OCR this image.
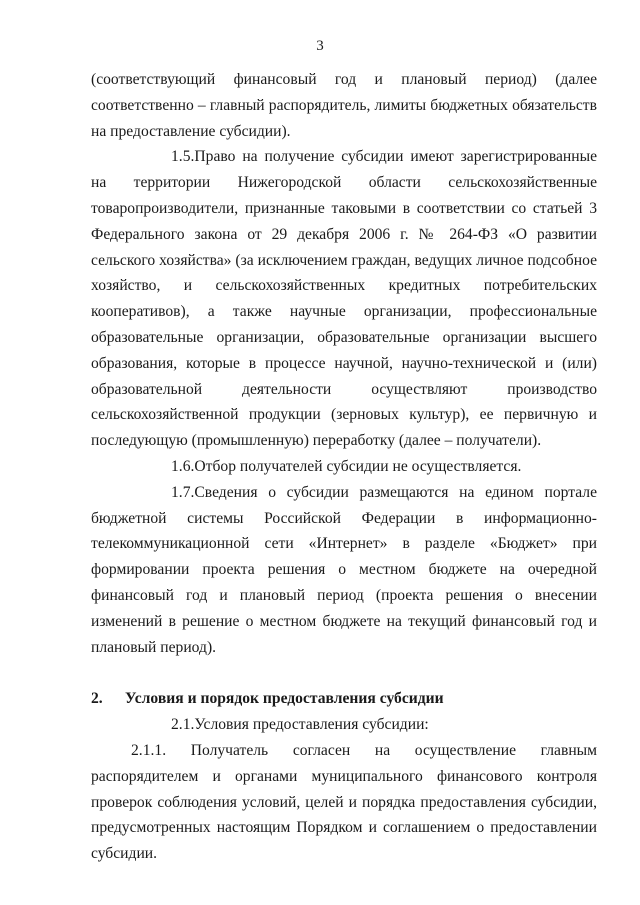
3

(соответствующий финансовый год и плановый период) (далее соответственно – главный распорядитель, лимиты бюджетных обязательств на предоставление субсидии).

1.5.Право на получение субсидии имеют зарегистрированные на территории Нижегородской области сельскохозяйственные товаропроизводители, признанные таковыми в соответствии со статьей 3 Федерального закона от 29 декабря 2006 г. № 264-ФЗ «О развитии сельского хозяйства» (за исключением граждан, ведущих личное подсобное хозяйство, и сельскохозяйственных кредитных потребительских кооперативов), а также научные организации, профессиональные образовательные организации, образовательные организации высшего образования, которые в процессе научной, научно-технической и (или) образовательной деятельности осуществляют производство сельскохозяйственной продукции (зерновых культур), ее первичную и последующую (промышленную) переработку (далее – получатели).

1.6.Отбор получателей субсидии не осуществляется.

1.7.Сведения о субсидии размещаются на едином портале бюджетной системы Российской Федерации в информационно-телекоммуникационной сети «Интернет» в разделе «Бюджет» при формировании проекта решения о местном бюджете на очередной финансовый год и плановый период (проекта решения о внесении изменений в решение о местном бюджете на текущий финансовый год и плановый период).

2. Условия и порядок предоставления субсидии

2.1.Условия предоставления субсидии:

2.1.1. Получатель согласен на осуществление главным распорядителем и органами муниципального финансового контроля проверок соблюдения условий, целей и порядка предоставления субсидии, предусмотренных настоящим Порядком и соглашением о предоставлении субсидии.
